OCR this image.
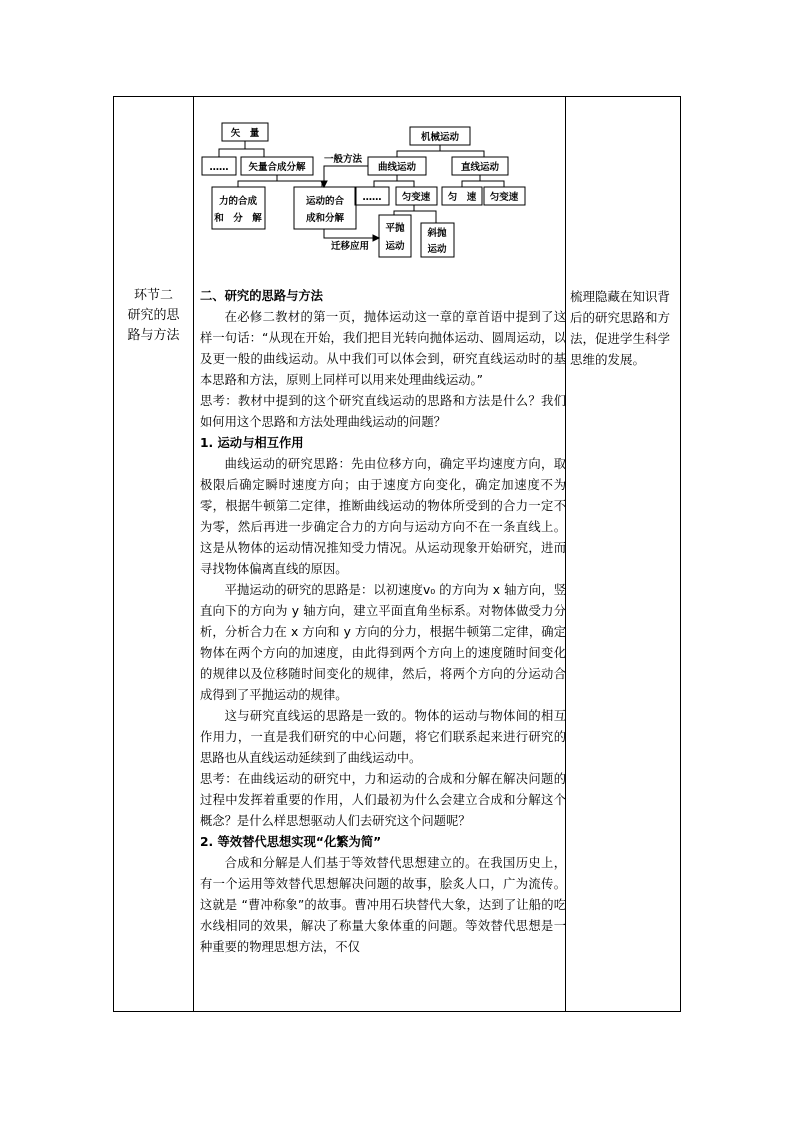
环节二
研究的思
路与方法
矢　量
…… 矢量合成分解
力的合成
和　分　解
运动的合
成和分解
一般方法
机械运动
曲线运动	直线运动
…… 匀变速 匀　速 匀变速
平抛
运动
斜抛
运动
迁移应用

二、研究的思路与方法

在必修二教材的第一页，抛体运动这一章的章首语中提到了这样一句话：“从现在开始，我们把目光转向抛体运动、圆周运动，以及更一般的曲线运动。从中我们可以体会到，研究直线运动时的基本思路和方法，原则上同样可以用来处理曲线运动。”

思考：教材中提到的这个研究直线运动的思路和方法是什么？我们如何用这个思路和方法处理曲线运动的问题？

1. 运动与相互作用

曲线运动的研究思路：先由位移方向，确定平均速度方向，取极限后确定瞬时速度方向；由于速度方向变化，确定加速度不为零，根据牛顿第二定律，推断曲线运动的物体所受到的合力一定不为零，然后再进一步确定合力的方向与运动方向不在一条直线上。这是从物体的运动情况推知受力情况。从运动现象开始研究，进而寻找物体偏离直线的原因。

平抛运动的研究的思路是：以初速度v₀ 的方向为 x 轴方向，竖直向下的方向为 y 轴方向，建立平面直角坐标系。对物体做受力分析，分析合力在 x 方向和 y 方向的分力，根据牛顿第二定律，确定物体在两个方向的加速度，由此得到两个方向上的速度随时间变化的规律以及位移随时间变化的规律，然后，将两个方向的分运动合成得到了平抛运动的规律。

这与研究直线运的思路是一致的。物体的运动与物体间的相互作用力，一直是我们研究的中心问题，将它们联系起来进行研究的思路也从直线运动延续到了曲线运动中。

思考：在曲线运动的研究中，力和运动的合成和分解在解决问题的过程中发挥着重要的作用，人们最初为什么会建立合成和分解这个概念？是什么样思想驱动人们去研究这个问题呢？

2. 等效替代思想实现“化繁为简”

合成和分解是人们基于等效替代思想建立的。在我国历史上，有一个运用等效替代思想解决问题的故事，脍炙人口，广为流传。这就是 “曹冲称象”的故事。曹冲用石块替代大象，达到了让船的吃水线相同的效果，解决了称量大象体重的问题。等效替代思想是一种重要的物理思想方法，不仅

梳理隐藏在知识背后的研究思路和方法，促进学生科学思维的发展。
